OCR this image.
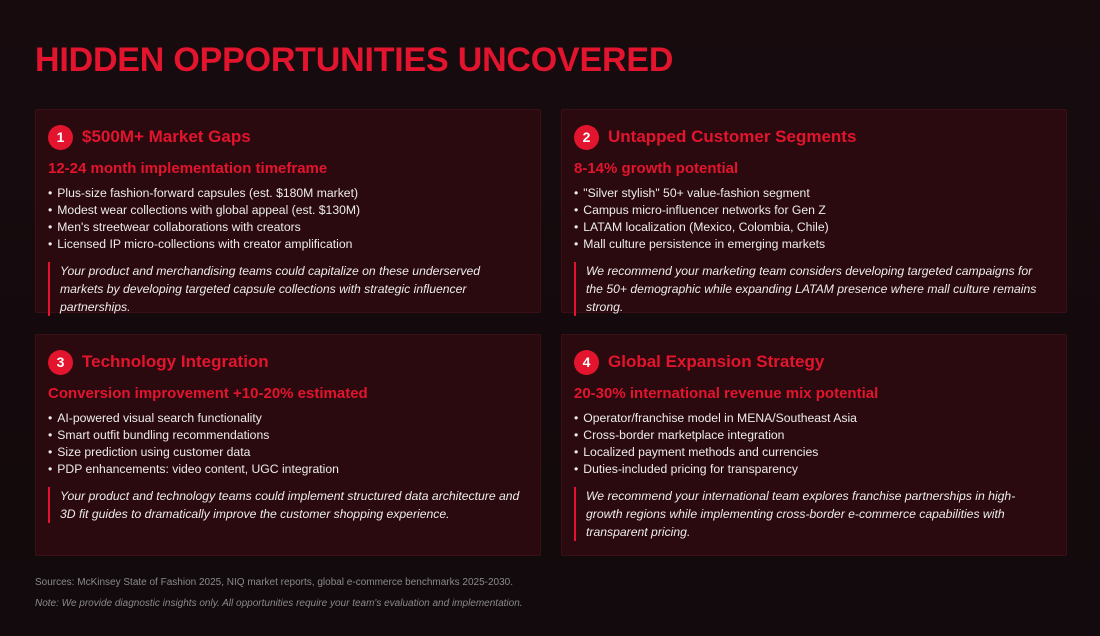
HIDDEN OPPORTUNITIES UNCOVERED
1	$500M+ Market Gaps
12-24 month implementation timeframe
• Plus-size fashion-forward capsules (est. $180M market)
• Modest wear collections with global appeal (est. $130M)
• Men's streetwear collaborations with creators
• Licensed IP micro-collections with creator amplification
Your product and merchandising teams could capitalize on these underserved markets by developing targeted capsule collections with strategic influencer partnerships.
2	Untapped Customer Segments
8-14% growth potential
• "Silver stylish" 50+ value-fashion segment
• Campus micro-influencer networks for Gen Z
• LATAM localization (Mexico, Colombia, Chile)
• Mall culture persistence in emerging markets
We recommend your marketing team considers developing targeted campaigns for the 50+ demographic while expanding LATAM presence where mall culture remains strong.
3	Technology Integration
Conversion improvement +10-20% estimated
• AI-powered visual search functionality
• Smart outfit bundling recommendations
• Size prediction using customer data
• PDP enhancements: video content, UGC integration
Your product and technology teams could implement structured data architecture and 3D fit guides to dramatically improve the customer shopping experience.
4	Global Expansion Strategy
20-30% international revenue mix potential
• Operator/franchise model in MENA/Southeast Asia
• Cross-border marketplace integration
• Localized payment methods and currencies
• Duties-included pricing for transparency
We recommend your international team explores franchise partnerships in high-growth regions while implementing cross-border e-commerce capabilities with transparent pricing.
Sources: McKinsey State of Fashion 2025, NIQ market reports, global e-commerce benchmarks 2025-2030.
Note: We provide diagnostic insights only. All opportunities require your team's evaluation and implementation.
